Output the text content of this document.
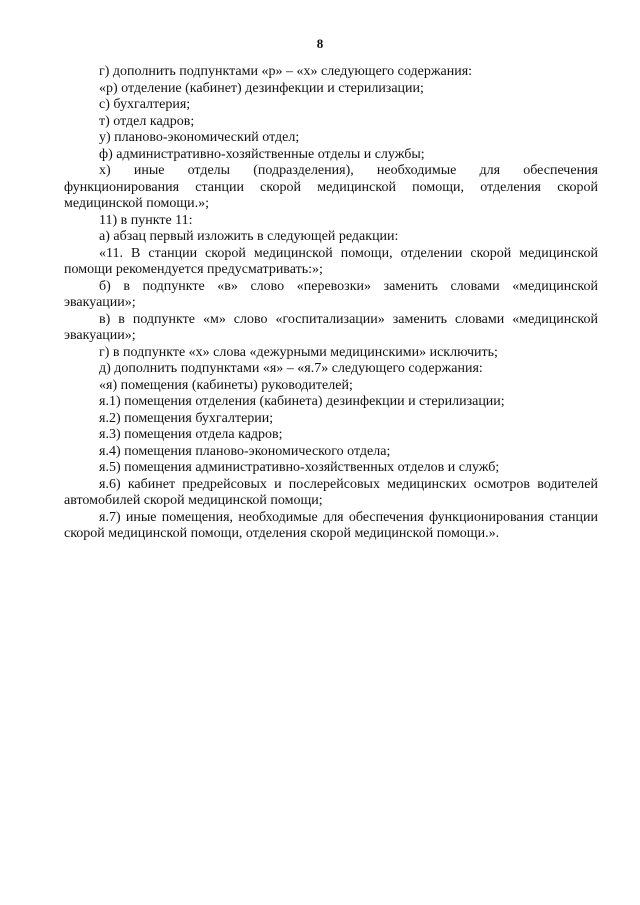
8

г) дополнить подпунктами «р» – «х» следующего содержания:

«р) отделение (кабинет) дезинфекции и стерилизации;

с) бухгалтерия;

т) отдел кадров;

у) планово-экономический отдел;

ф) административно-хозяйственные отделы и службы;

х) иные отделы (подразделения), необходимые для обеспечения функционирования станции скорой медицинской помощи, отделения скорой медицинской помощи.»;

11) в пункте 11:

а) абзац первый изложить в следующей редакции:

«11. В станции скорой медицинской помощи, отделении скорой медицинской помощи рекомендуется предусматривать:»;

б) в подпункте «в» слово «перевозки» заменить словами «медицинской эвакуации»;

в) в подпункте «м» слово «госпитализации» заменить словами «медицинской эвакуации»;

г) в подпункте «х» слова «дежурными медицинскими» исключить;

д) дополнить подпунктами «я» – «я.7» следующего содержания:

«я) помещения (кабинеты) руководителей;

я.1) помещения отделения (кабинета) дезинфекции и стерилизации;

я.2) помещения бухгалтерии;

я.3) помещения отдела кадров;

я.4) помещения планово-экономического отдела;

я.5) помещения административно-хозяйственных отделов и служб;

я.6) кабинет предрейсовых и послерейсовых медицинских осмотров водителей автомобилей скорой медицинской помощи;

я.7) иные помещения, необходимые для обеспечения функционирования станции скорой медицинской помощи, отделения скорой медицинской помощи.».
